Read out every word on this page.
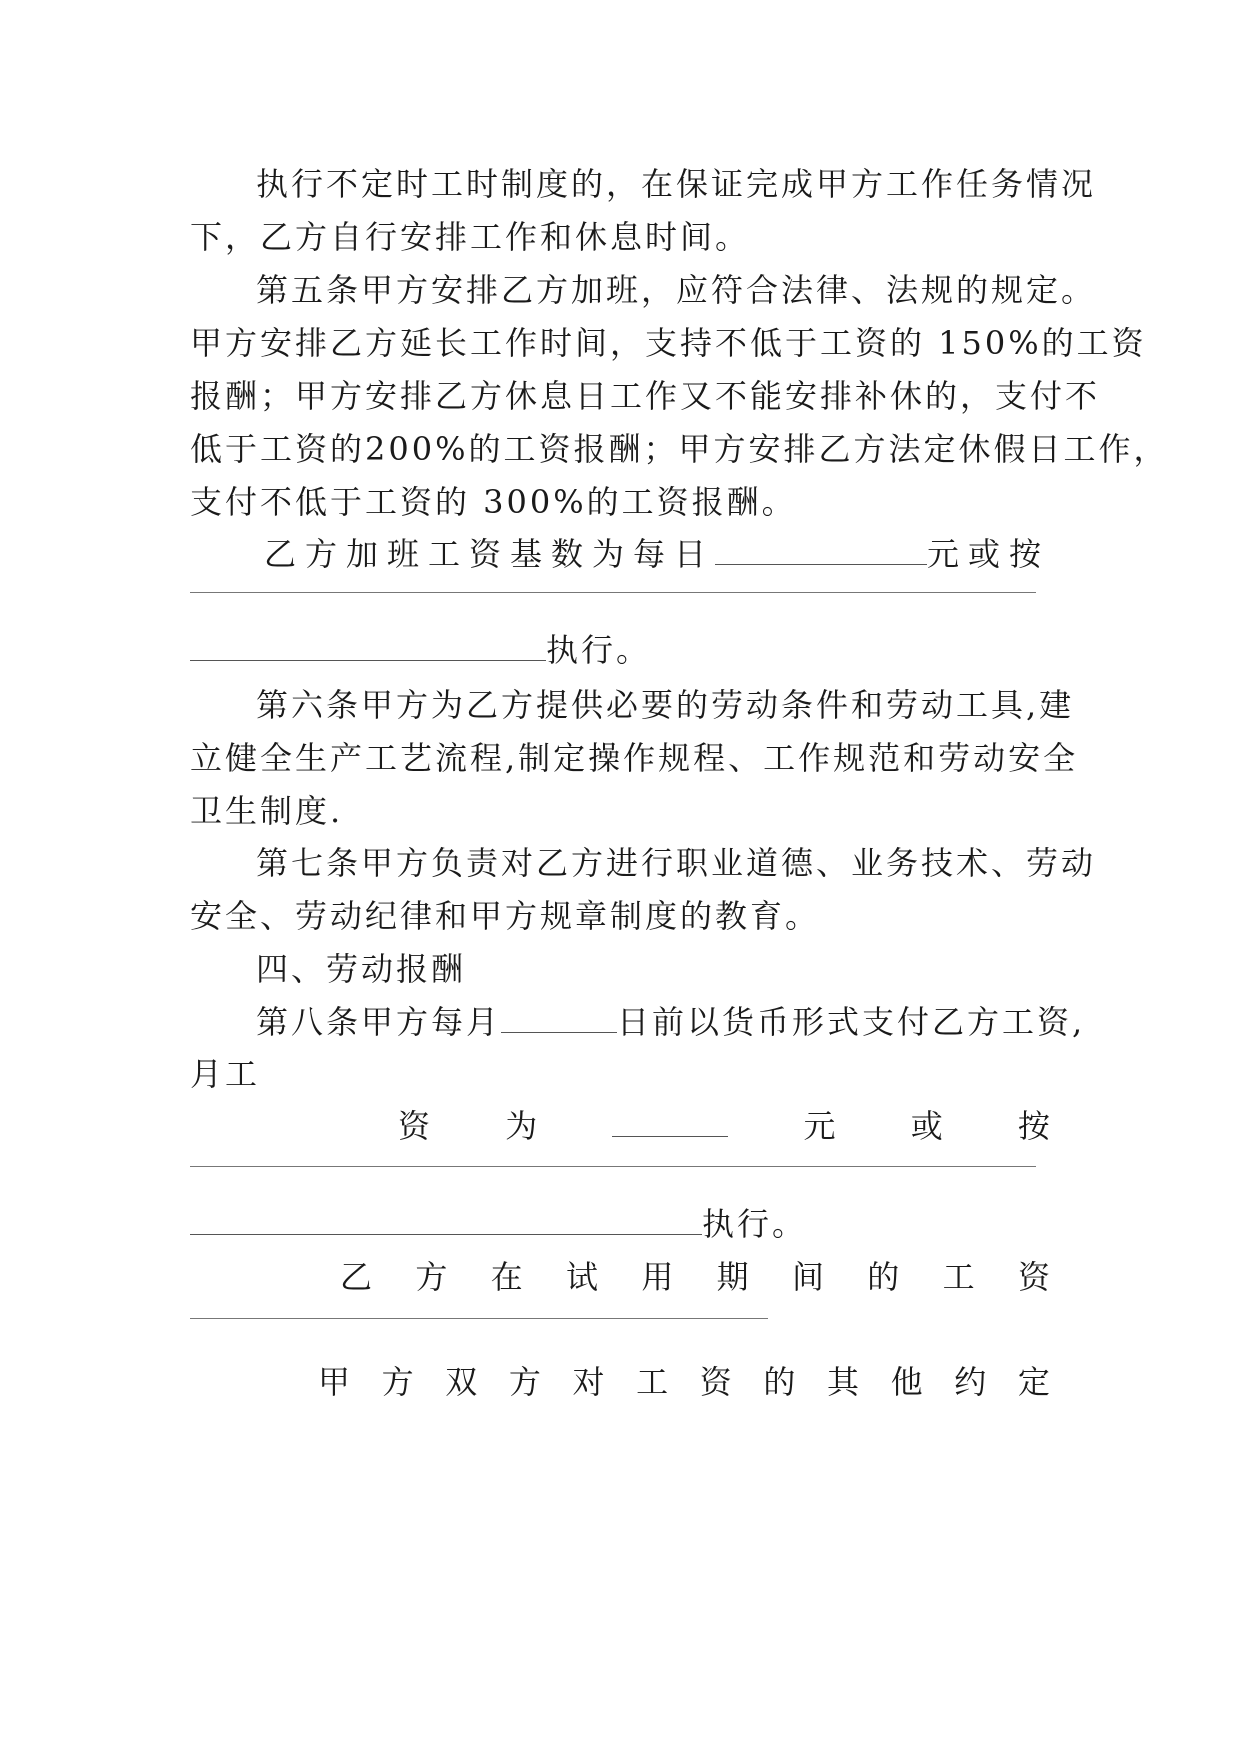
执行不定时工时制度的，在保证完成甲方工作任务情况
下，乙方自行安排工作和休息时间。
第五条甲方安排乙方加班，应符合法律、法规的规定。
甲方安排乙方延长工作时间，支持不低于工资的 150%的工资
报酬；甲方安排乙方休息日工作又不能安排补休的，支付不
低于工资的200%的工资报酬；甲方安排乙方法定休假日工作，
支付不低于工资的 300%的工资报酬。
乙方加班工资基数为每日	元或按
执行。
第六条甲方为乙方提供必要的劳动条件和劳动工具,建
立健全生产工艺流程,制定操作规程、工作规范和劳动安全
卫生制度.
第七条甲方负责对乙方进行职业道德、业务技术、劳动
安全、劳动纪律和甲方规章制度的教育。
四、劳动报酬
第八条甲方每月	日前以货币形式支付乙方工资,
月工
资 为	元 或 按
执行。
乙 方 在 试 用 期 间 的 工 资
甲 方 双 方 对 工 资 的 其 他 约 定
